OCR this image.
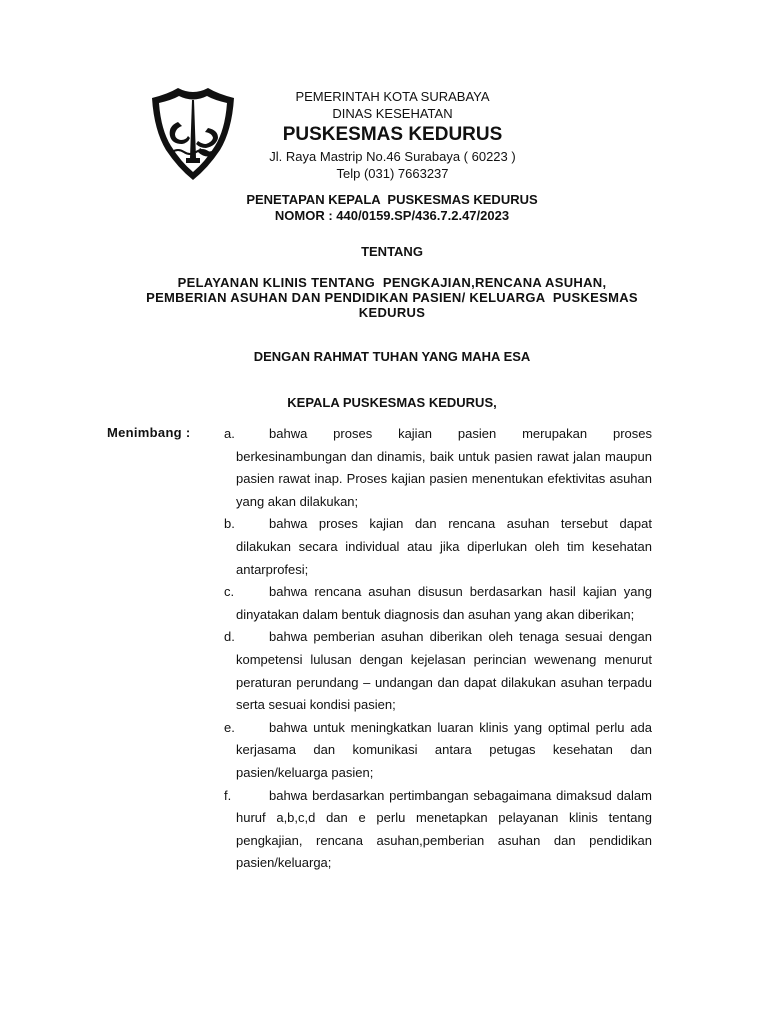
PEMERINTAH KOTA SURABAYA
DINAS KESEHATAN
PUSKESMAS KEDURUS
Jl. Raya Mastrip No.46 Surabaya ( 60223 )
Telp (031) 7663237
PENETAPAN KEPALA  PUSKESMAS KEDURUS
NOMOR : 440/0159.SP/436.7.2.47/2023
TENTANG
PELAYANAN KLINIS TENTANG  PENGKAJIAN,RENCANA ASUHAN,
PEMBERIAN ASUHAN DAN PENDIDIKAN PASIEN/ KELUARGA  PUSKESMAS
KEDURUS
DENGAN RAHMAT TUHAN YANG MAHA ESA
KEPALA PUSKESMAS KEDURUS,
Menimbang :	a.	bahwa proses kajian pasien merupakan proses berkesinambungan dan dinamis, baik untuk pasien rawat jalan maupun pasien rawat inap. Proses kajian pasien menentukan efektivitas asuhan yang akan dilakukan;
b.	bahwa proses kajian dan rencana asuhan tersebut dapat dilakukan secara individual atau jika diperlukan oleh tim kesehatan antarprofesi;
c.	bahwa rencana asuhan disusun berdasarkan hasil kajian yang dinyatakan dalam bentuk diagnosis dan asuhan yang akan diberikan;
d.	bahwa pemberian asuhan diberikan oleh tenaga sesuai dengan kompetensi lulusan dengan kejelasan perincian wewenang menurut peraturan perundang – undangan dan dapat dilakukan asuhan terpadu serta sesuai kondisi pasien;
e.	bahwa untuk meningkatkan luaran klinis yang optimal perlu ada kerjasama dan komunikasi antara petugas kesehatan dan pasien/keluarga pasien;
f.	bahwa berdasarkan pertimbangan sebagaimana dimaksud dalam huruf a,b,c,d dan e perlu menetapkan pelayanan klinis tentang pengkajian, rencana asuhan,pemberian asuhan dan pendidikan pasien/keluarga;
